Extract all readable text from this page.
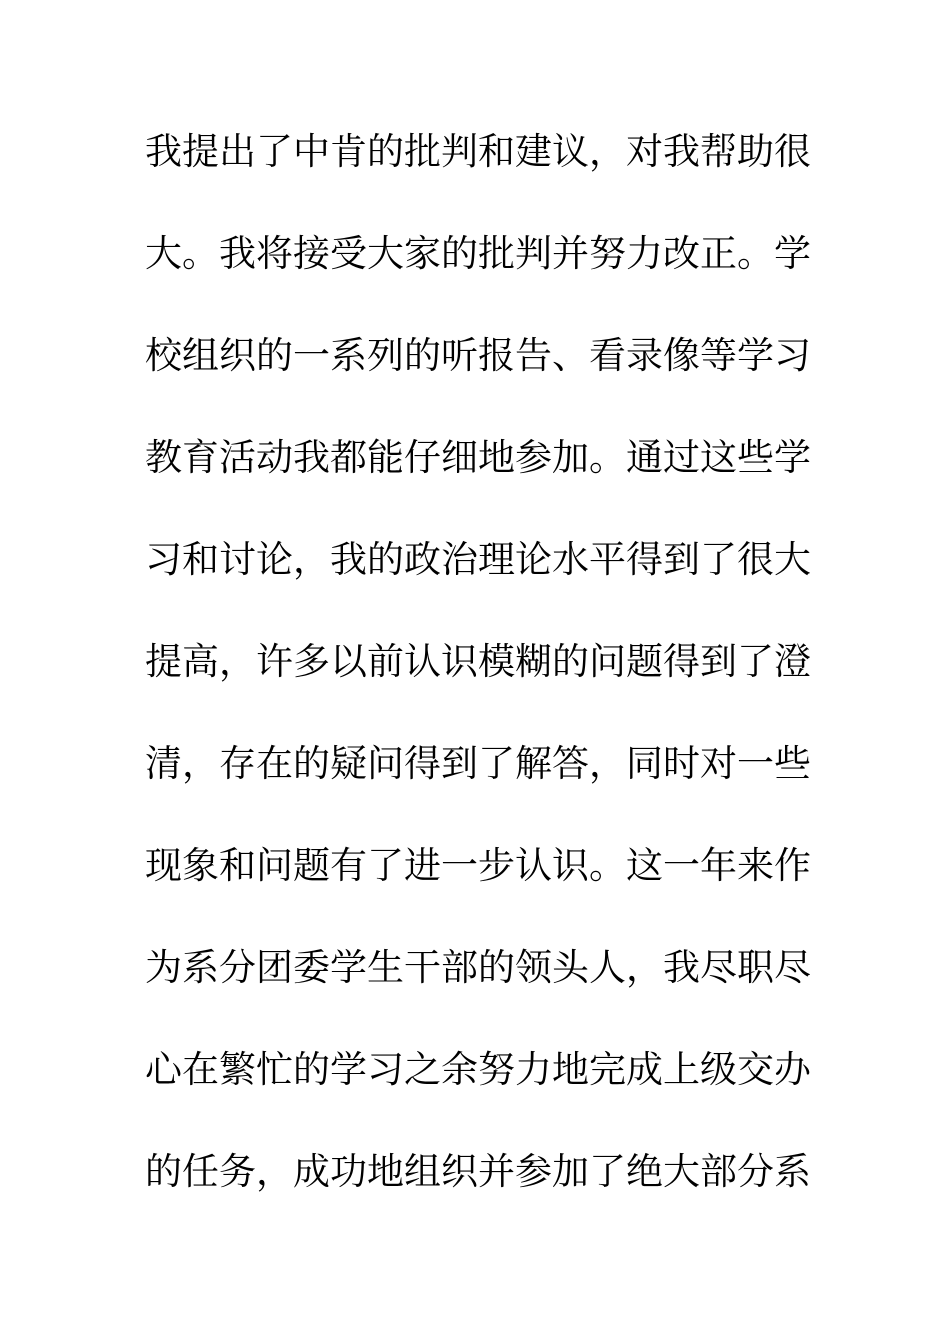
我提出了中肯的批判和建议，对我帮助很
大。我将接受大家的批判并努力改正。学
校组织的一系列的听报告、看录像等学习
教育活动我都能仔细地参加。通过这些学
习和讨论，我的政治理论水平得到了很大
提高，许多以前认识模糊的问题得到了澄
清，存在的疑问得到了解答，同时对一些
现象和问题有了进一步认识。这一年来作
为系分团委学生干部的领头人，我尽职尽
心在繁忙的学习之余努力地完成上级交办
的任务，成功地组织并参加了绝大部分系
